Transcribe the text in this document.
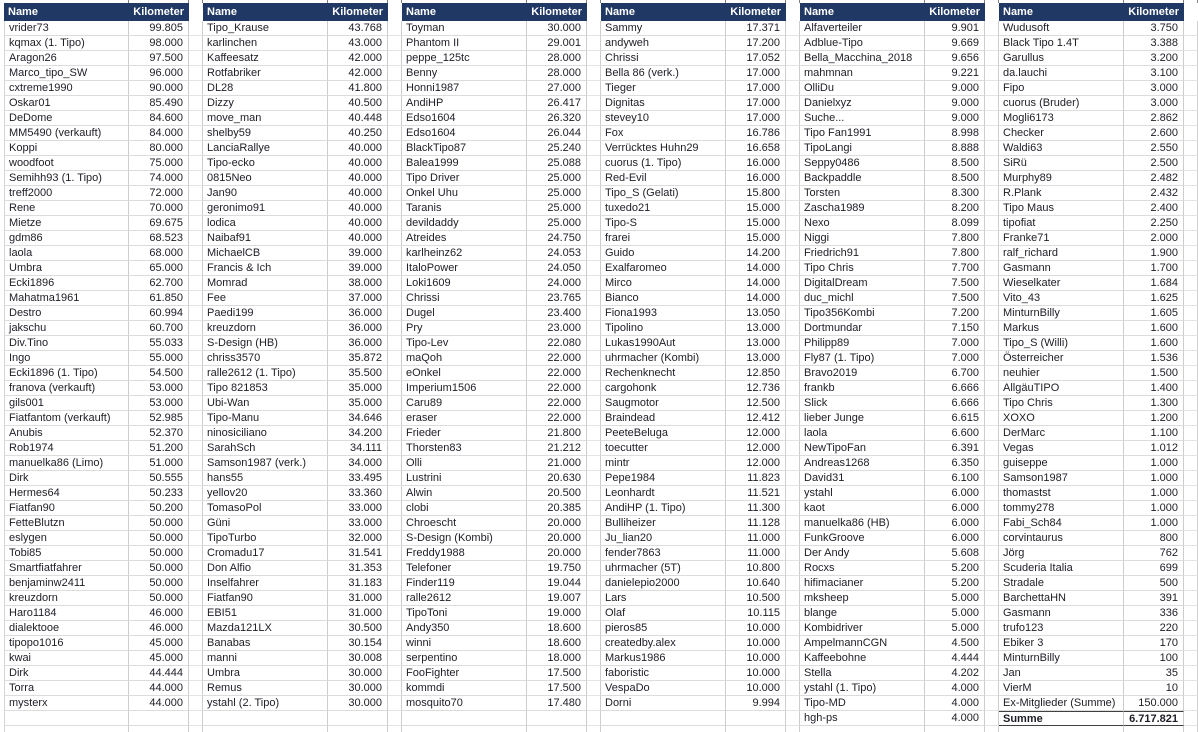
Name	Kilometer
vrider73	99.805
kqmax (1. Tipo)	98.000
Aragon26	97.500
Marco_tipo_SW	96.000
cxtreme1990	90.000
Oskar01	85.490
DeDome	84.600
MM5490 (verkauft)	84.000
Koppi	80.000
woodfoot	75.000
Semihh93 (1. Tipo)	74.000
treff2000	72.000
Rene	70.000
Mietze	69.675
gdm86	68.523
laola	68.000
Umbra	65.000
Ecki1896	62.700
Mahatma1961	61.850
Destro	60.994
jakschu	60.700
Div.Tino	55.033
Ingo	55.000
Ecki1896 (1. Tipo)	54.500
franova (verkauft)	53.000
gils001	53.000
Fiatfantom (verkauft)	52.985
Anubis	52.370
Rob1974	51.200
manuelka86 (Limo)	51.000
Dirk	50.555
Hermes64	50.233
Fiatfan90	50.200
FetteBlutzn	50.000
eslygen	50.000
Tobi85	50.000
Smartfiatfahrer	50.000
benjaminw2411	50.000
kreuzdorn	50.000
Haro1184	46.000
dialektooe	46.000
tipopo1016	45.000
kwai	45.000
Dirk	44.444
Torra	44.000
mysterx	44.000
Name	Kilometer
Tipo_Krause	43.768
karlinchen	43.000
Kaffeesatz	42.000
Rotfabriker	42.000
DL28	41.800
Dizzy	40.500
move_man	40.448
shelby59	40.250
LanciaRallye	40.000
Tipo-ecko	40.000
0815Neo	40.000
Jan90	40.000
geronimo91	40.000
lodica	40.000
Naibaf91	40.000
MichaelCB	39.000
Francis & Ich	39.000
Momrad	38.000
Fee	37.000
Paedi199	36.000
kreuzdorn	36.000
S-Design (HB)	36.000
chriss3570	35.872
ralle2612 (1. Tipo)	35.500
Tipo 821853	35.000
Ubi-Wan	35.000
Tipo-Manu	34.646
ninosiciliano	34.200
SarahSch	34.111
Samson1987 (verk.)	34.000
hans55	33.495
yellov20	33.360
TomasoPol	33.000
Güni	33.000
TipoTurbo	32.000
Cromadu17	31.541
Don Alfio	31.353
Inselfahrer	31.183
Fiatfan90	31.000
EBI51	31.000
Mazda121LX	30.500
Banabas	30.154
manni	30.008
Umbra	30.000
Remus	30.000
ystahl (2. Tipo)	30.000
Name	Kilometer
Toyman	30.000
Phantom II	29.001
peppe_125tc	28.000
Benny	28.000
Honni1987	27.000
AndiHP	26.417
Edso1604	26.320
Edso1604	26.044
BlackTipo87	25.240
Balea1999	25.088
Tipo Driver	25.000
Onkel Uhu	25.000
Taranis	25.000
devildaddy	25.000
Atreides	24.750
karlheinz62	24.053
ItaloPower	24.050
Loki1609	24.000
Chrissi	23.765
Dugel	23.400
Pry	23.000
Tipo-Lev	22.080
maQoh	22.000
eOnkel	22.000
Imperium1506	22.000
Caru89	22.000
eraser	22.000
Frieder	21.800
Thorsten83	21.212
Olli	21.000
Lustrini	20.630
Alwin	20.500
clobi	20.385
Chroescht	20.000
S-Design (Kombi)	20.000
Freddy1988	20.000
Telefoner	19.750
Finder119	19.044
ralle2612	19.007
TipoToni	19.000
Andy350	18.600
winni	18.600
serpentino	18.000
FooFighter	17.500
kommdi	17.500
mosquito70	17.480
Name	Kilometer
Sammy	17.371
andyweh	17.200
Chrissi	17.052
Bella 86 (verk.)	17.000
Tieger	17.000
Dignitas	17.000
stevey10	17.000
Fox	16.786
Verrücktes Huhn29	16.658
cuorus (1. Tipo)	16.000
Red-Evil	16.000
Tipo_S (Gelati)	15.800
tuxedo21	15.000
Tipo-S	15.000
frarei	15.000
Guido	14.200
Exalfaromeo	14.000
Mirco	14.000
Bianco	14.000
Fiona1993	13.050
Tipolino	13.000
Lukas1990Aut	13.000
uhrmacher (Kombi)	13.000
Rechenknecht	12.850
cargohonk	12.736
Saugmotor	12.500
Braindead	12.412
PeeteBeluga	12.000
toecutter	12.000
mintr	12.000
Pepe1984	11.823
Leonhardt	11.521
AndiHP (1. Tipo)	11.300
Bulliheizer	11.128
Ju_lian20	11.000
fender7863	11.000
uhrmacher (5T)	10.800
danielepio2000	10.640
Lars	10.500
Olaf	10.115
pieros85	10.000
createdby.alex	10.000
Markus1986	10.000
faboristic	10.000
VespaDo	10.000
Dorni	9.994
Name	Kilometer
Alfaverteiler	9.901
Adblue-Tipo	9.669
Bella_Macchina_2018	9.656
mahmnan	9.221
OlliDu	9.000
Danielxyz	9.000
Suche...	9.000
Tipo Fan1991	8.998
TipoLangi	8.888
Seppy0486	8.500
Backpaddle	8.500
Torsten	8.300
Zascha1989	8.200
Nexo	8.099
Niggi	7.800
Friedrich91	7.800
Tipo Chris	7.700
DigitalDream	7.500
duc_michl	7.500
Tipo356Kombi	7.200
Dortmundar	7.150
Philipp89	7.000
Fly87 (1. Tipo)	7.000
Bravo2019	6.700
frankb	6.666
Slick	6.666
lieber Junge	6.615
laola	6.600
NewTipoFan	6.391
Andreas1268	6.350
David31	6.100
ystahl	6.000
kaot	6.000
manuelka86 (HB)	6.000
FunkGroove	6.000
Der Andy	5.608
Rocxs	5.200
hifimacianer	5.200
mksheep	5.000
blange	5.000
Kombidriver	5.000
AmpelmannCGN	4.500
Kaffeebohne	4.444
Stella	4.202
ystahl (1. Tipo)	4.000
Tipo-MD	4.000
hgh-ps	4.000
Name	Kilometer
Wudusoft	3.750
Black Tipo 1.4T	3.388
Garullus	3.200
da.lauchi	3.100
Fipo	3.000
cuorus (Bruder)	3.000
Mogli6173	2.862
Checker	2.600
Waldi63	2.550
SiRü	2.500
Murphy89	2.482
R.Plank	2.432
Tipo Maus	2.400
tipofiat	2.250
Franke71	2.000
ralf_richard	1.900
Gasmann	1.700
Wieselkater	1.684
Vito_43	1.625
MinturnBilly	1.605
Markus	1.600
Tipo_S (Willi)	1.600
Österreicher	1.536
neuhier	1.500
AllgäuTIPO	1.400
Tipo Chris	1.300
XOXO	1.200
DerMarc	1.100
Vegas	1.012
guiseppe	1.000
Samson1987	1.000
thomastst	1.000
tommy278	1.000
Fabi_Sch84	1.000
corvintaurus	800
Jörg	762
Scuderia Italia	699
Stradale	500
BarchettaHN	391
Gasmann	336
trufo123	220
Ebiker 3	170
MinturnBilly	100
Jan	35
VierM	10
Ex-Mitglieder (Summe)	150.000
Summe	6.717.821
